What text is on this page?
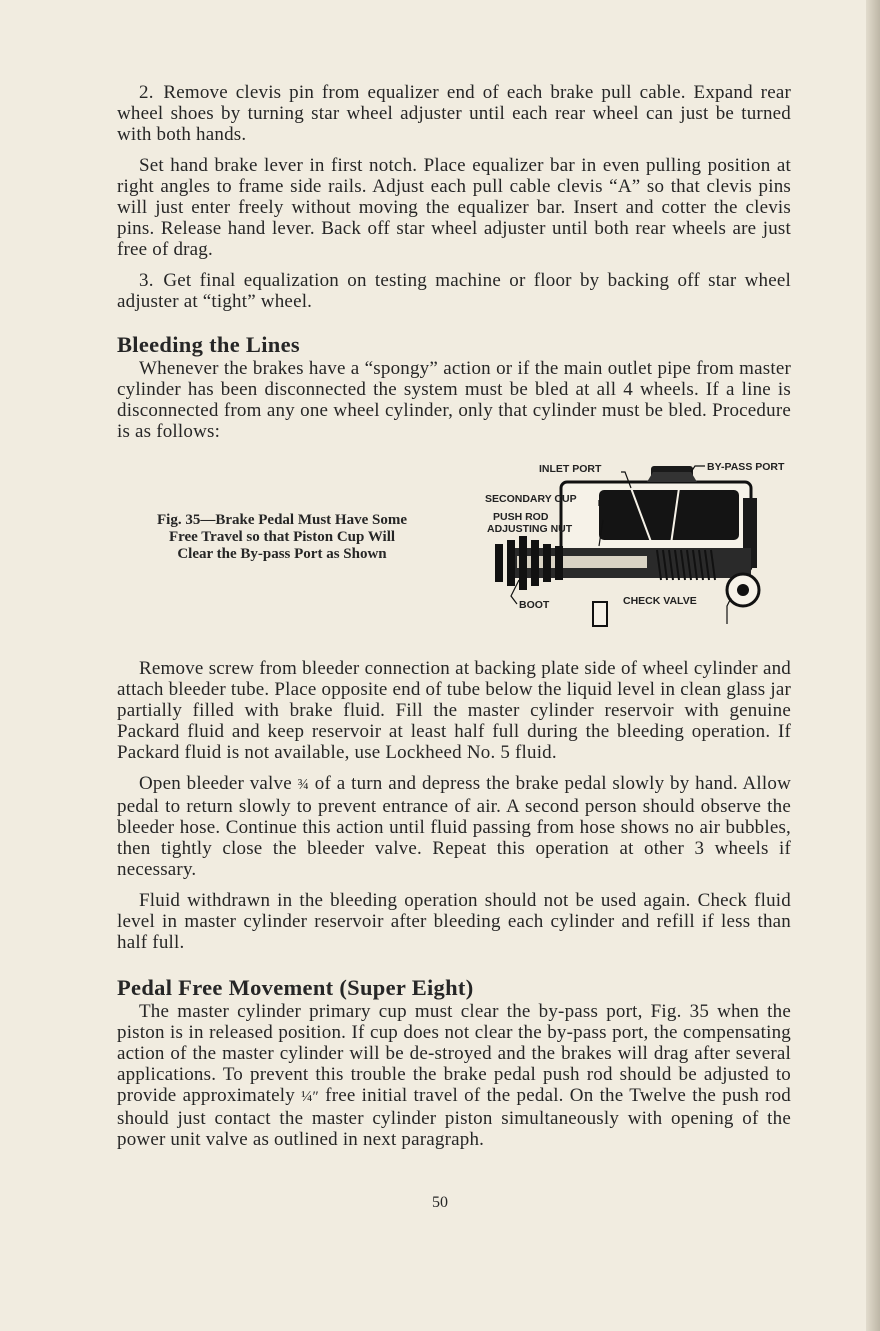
2. Remove clevis pin from equalizer end of each brake pull cable. Expand rear wheel shoes by turning star wheel adjuster until each rear wheel can just be turned with both hands.

Set hand brake lever in first notch. Place equalizer bar in even pulling position at right angles to frame side rails. Adjust each pull cable clevis “A” so that clevis pins will just enter freely without moving the equalizer bar. Insert and cotter the clevis pins. Release hand lever. Back off star wheel adjuster until both rear wheels are just free of drag.

3. Get final equalization on testing machine or floor by backing off star wheel adjuster at “tight” wheel.

Bleeding the Lines

Whenever the brakes have a “spongy” action or if the main outlet pipe from master cylinder has been disconnected the system must be bled at all 4 wheels. If a line is disconnected from any one wheel cylinder, only that cylinder must be bled. Procedure is as follows:

Fig. 35—Brake Pedal Must Have Some
Free Travel so that Piston Cup Will
Clear the By-pass Port as Shown
INLET PORT	BY-PASS PORT
SECONDARY CUP
PUSH ROD
ADJUSTING NUT
BOOT	CHECK VALVE

Remove screw from bleeder connection at backing plate side of wheel cylinder and attach bleeder tube. Place opposite end of tube below the liquid level in clean glass jar partially filled with brake fluid. Fill the master cylinder reservoir with genuine Packard fluid and keep reservoir at least half full during the bleeding operation. If Packard fluid is not available, use Lockheed No. 5 fluid.

Open bleeder valve ¾ of a turn and depress the brake pedal slowly by hand. Allow pedal to return slowly to prevent entrance of air. A second person should observe the bleeder hose. Continue this action until fluid passing from hose shows no air bubbles, then tightly close the bleeder valve. Repeat this operation at other 3 wheels if necessary.

Fluid withdrawn in the bleeding operation should not be used again. Check fluid level in master cylinder reservoir after bleeding each cylinder and refill if less than half full.

Pedal Free Movement (Super Eight)

The master cylinder primary cup must clear the by-pass port, Fig. 35 when the piston is in released position. If cup does not clear the by-pass port, the compensating action of the master cylinder will be de-stroyed and the brakes will drag after several applications. To prevent this trouble the brake pedal push rod should be adjusted to provide approximately ¼″ free initial travel of the pedal. On the Twelve the push rod should just contact the master cylinder piston simultaneously with opening of the power unit valve as outlined in next paragraph.

50
